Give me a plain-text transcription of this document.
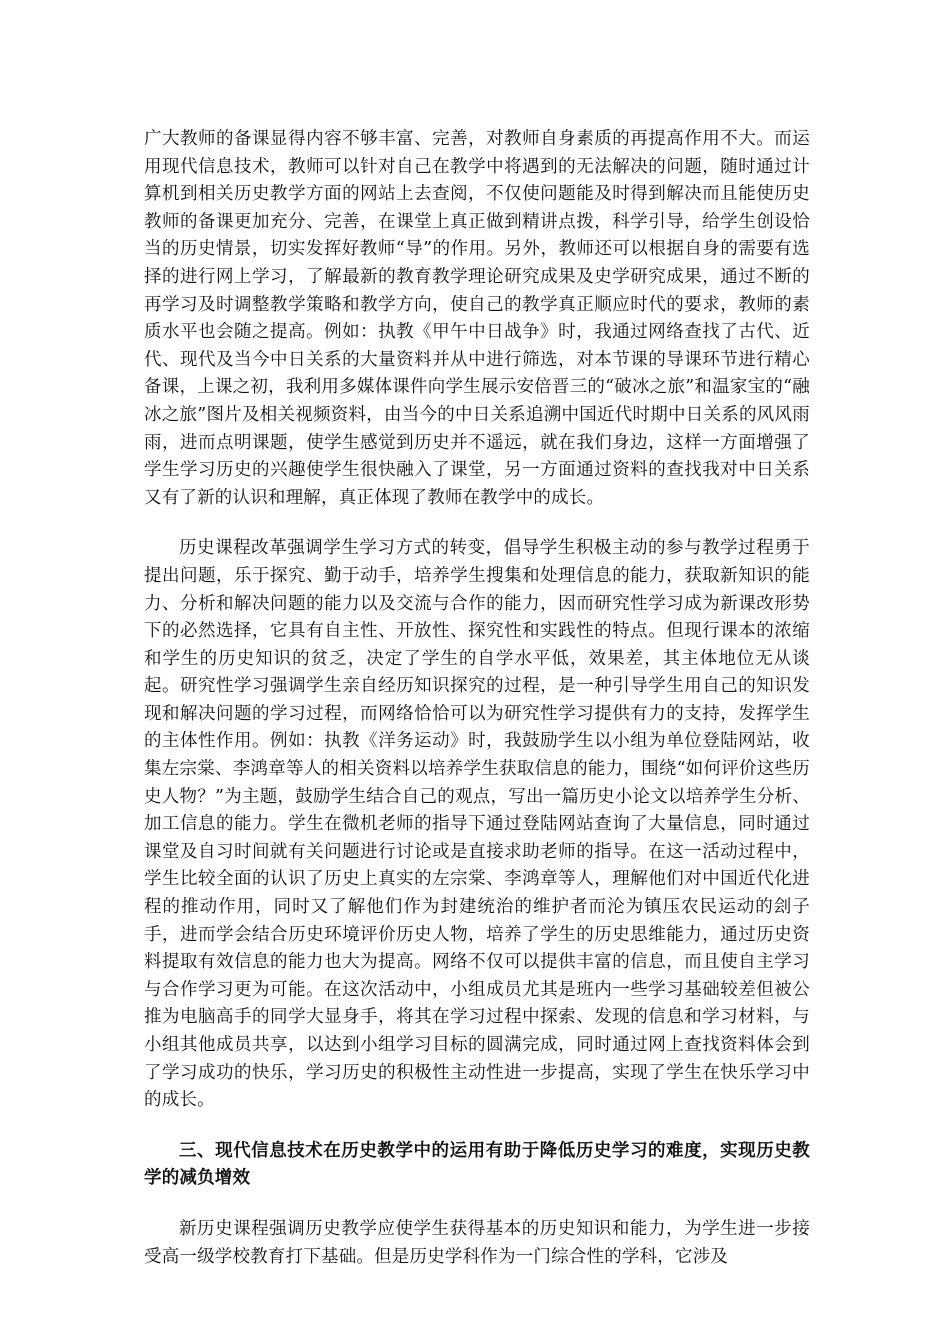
广大教师的备课显得内容不够丰富、完善，对教师自身素质的再提高作用不大。而运用现代信息技术，教师可以针对自己在教学中将遇到的无法解决的问题，随时通过计算机到相关历史教学方面的网站上去查阅，不仅使问题能及时得到解决而且能使历史教师的备课更加充分、完善，在课堂上真正做到精讲点拨，科学引导，给学生创设恰当的历史情景，切实发挥好教师“导”的作用。另外，教师还可以根据自身的需要有选择的进行网上学习，了解最新的教育教学理论研究成果及史学研究成果，通过不断的再学习及时调整教学策略和教学方向，使自己的教学真正顺应时代的要求，教师的素质水平也会随之提高。例如：执教《甲午中日战争》时，我通过网络查找了古代、近代、现代及当今中日关系的大量资料并从中进行筛选，对本节课的导课环节进行精心备课，上课之初，我利用多媒体课件向学生展示安倍晋三的“破冰之旅”和温家宝的“融冰之旅”图片及相关视频资料，由当今的中日关系追溯中国近代时期中日关系的风风雨雨，进而点明课题，使学生感觉到历史并不遥远，就在我们身边，这样一方面增强了学生学习历史的兴趣使学生很快融入了课堂，另一方面通过资料的查找我对中日关系又有了新的认识和理解，真正体现了教师在教学中的成长。

历史课程改革强调学生学习方式的转变，倡导学生积极主动的参与教学过程勇于提出问题，乐于探究、勤于动手，培养学生搜集和处理信息的能力，获取新知识的能力、分析和解决问题的能力以及交流与合作的能力，因而研究性学习成为新课改形势下的必然选择，它具有自主性、开放性、探究性和实践性的特点。但现行课本的浓缩和学生的历史知识的贫乏，决定了学生的自学水平低，效果差，其主体地位无从谈起。研究性学习强调学生亲自经历知识探究的过程，是一种引导学生用自己的知识发现和解决问题的学习过程，而网络恰恰可以为研究性学习提供有力的支持，发挥学生的主体性作用。例如：执教《洋务运动》时，我鼓励学生以小组为单位登陆网站，收集左宗棠、李鸿章等人的相关资料以培养学生获取信息的能力，围绕“如何评价这些历史人物？”为主题，鼓励学生结合自己的观点，写出一篇历史小论文以培养学生分析、加工信息的能力。学生在微机老师的指导下通过登陆网站查询了大量信息，同时通过课堂及自习时间就有关问题进行讨论或是直接求助老师的指导。在这一活动过程中，学生比较全面的认识了历史上真实的左宗棠、李鸿章等人，理解他们对中国近代化进程的推动作用，同时又了解他们作为封建统治的维护者而沦为镇压农民运动的刽子手，进而学会结合历史环境评价历史人物，培养了学生的历史思维能力，通过历史资料提取有效信息的能力也大为提高。网络不仅可以提供丰富的信息，而且使自主学习与合作学习更为可能。在这次活动中，小组成员尤其是班内一些学习基础较差但被公推为电脑高手的同学大显身手，将其在学习过程中探索、发现的信息和学习材料，与小组其他成员共享，以达到小组学习目标的圆满完成，同时通过网上查找资料体会到了学习成功的快乐，学习历史的积极性主动性进一步提高，实现了学生在快乐学习中的成长。

三、现代信息技术在历史教学中的运用有助于降低历史学习的难度，实现历史教学的减负增效

新历史课程强调历史教学应使学生获得基本的历史知识和能力，为学生进一步接受高一级学校教育打下基础。但是历史学科作为一门综合性的学科，它涉及
